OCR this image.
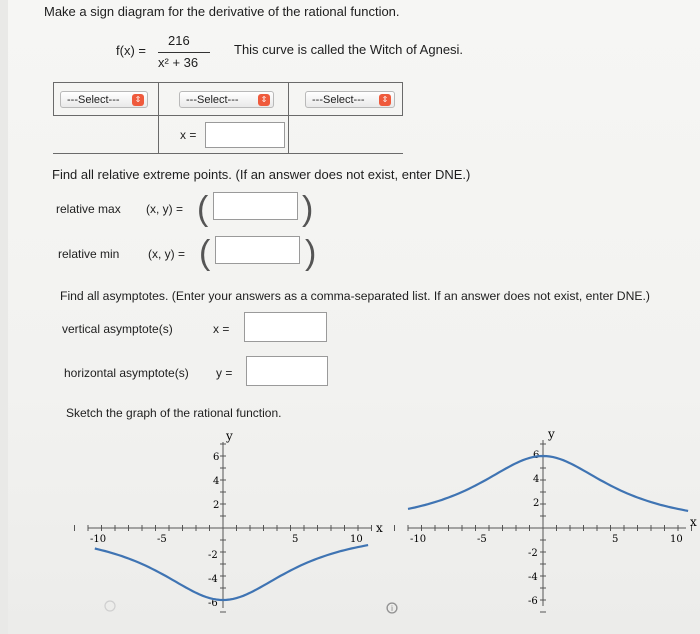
Make a sign diagram for the derivative of the rational function.
f(x) =
216
x² + 36
This curve is called the Witch of Agnesi.
---Select---	⇕	---Select---	⇕	---Select---	⇕
x =
Find all relative extreme points. (If an answer does not exist, enter DNE.)
relative max (x, y) = (	)
relative min (x, y) = (	)
Find all asymptotes. (Enter your answers as a comma-separated list. If an answer does not exist, enter DNE.)
vertical asymptote(s)	x =
horizontal asymptote(s) y =
Sketch the graph of the rational function.
y
x
-10	-5	5	10
6
4
2
-2
-4
-6
y
x
-10	-5	5	10
6
4
2
-2
-4
-6
ⓘ
